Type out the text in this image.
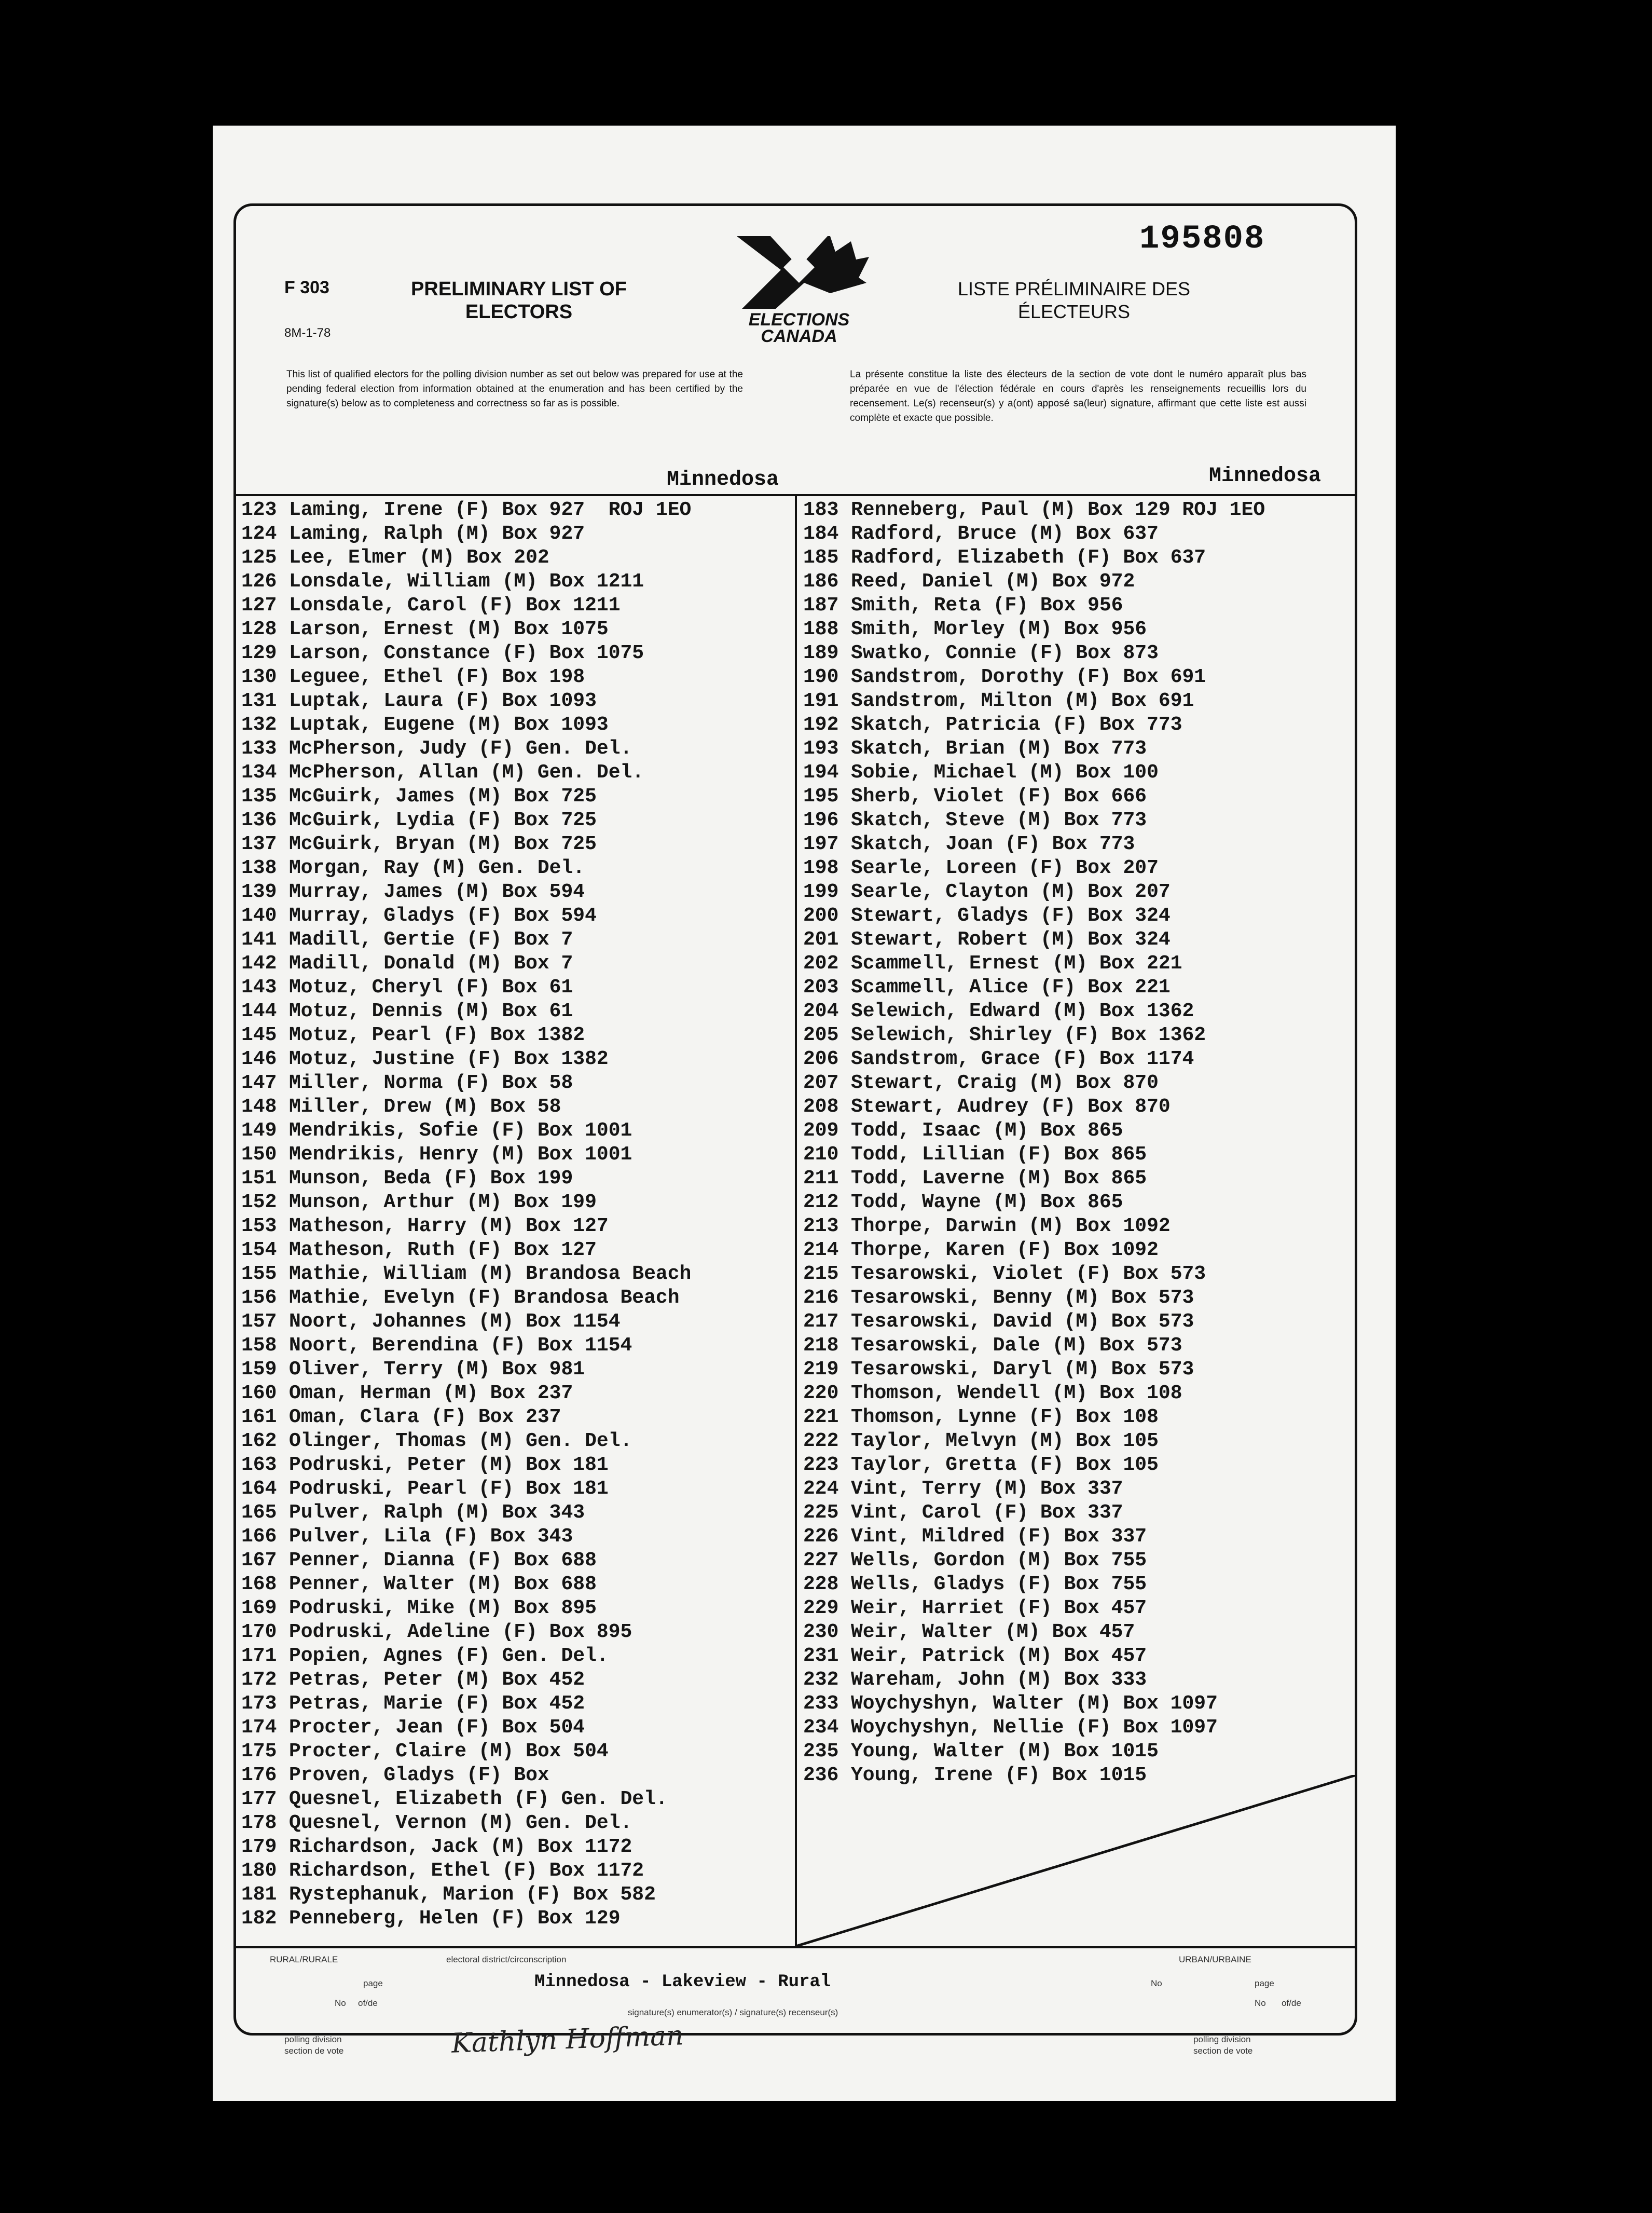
F 303
8M-1-78
PRELIMINARY LIST OF
ELECTORS	ELECTIONS
CANADA
195808
LISTE PRÉLIMINAIRE DES
ÉLECTEURS
This list of qualified electors for the polling division number as set out below was prepared for use at the pending federal election from information obtained at the enumeration and has been certified by the signature(s) below as to completeness and correctness so far as is possible.
La présente constitue la liste des électeurs de la section de vote dont le numéro apparaît plus bas préparée en vue de l'élection fédérale en cours d'après les renseignements recueillis lors du recensement. Le(s) recenseur(s) y a(ont) apposé sa(leur) signature, affirmant que cette liste est aussi complète et exacte que possible.
Minnedosa	Minnedosa
123 Laming, Irene (F) Box 927  ROJ 1EO
124 Laming, Ralph (M) Box 927
125 Lee, Elmer (M) Box 202
126 Lonsdale, William (M) Box 1211
127 Lonsdale, Carol (F) Box 1211
128 Larson, Ernest (M) Box 1075
129 Larson, Constance (F) Box 1075
130 Leguee, Ethel (F) Box 198
131 Luptak, Laura (F) Box 1093
132 Luptak, Eugene (M) Box 1093
133 McPherson, Judy (F) Gen. Del.
134 McPherson, Allan (M) Gen. Del.
135 McGuirk, James (M) Box 725
136 McGuirk, Lydia (F) Box 725
137 McGuirk, Bryan (M) Box 725
138 Morgan, Ray (M) Gen. Del.
139 Murray, James (M) Box 594
140 Murray, Gladys (F) Box 594
141 Madill, Gertie (F) Box 7
142 Madill, Donald (M) Box 7
143 Motuz, Cheryl (F) Box 61
144 Motuz, Dennis (M) Box 61
145 Motuz, Pearl (F) Box 1382
146 Motuz, Justine (F) Box 1382
147 Miller, Norma (F) Box 58
148 Miller, Drew (M) Box 58
149 Mendrikis, Sofie (F) Box 1001
150 Mendrikis, Henry (M) Box 1001
151 Munson, Beda (F) Box 199
152 Munson, Arthur (M) Box 199
153 Matheson, Harry (M) Box 127
154 Matheson, Ruth (F) Box 127
155 Mathie, William (M) Brandosa Beach
156 Mathie, Evelyn (F) Brandosa Beach
157 Noort, Johannes (M) Box 1154
158 Noort, Berendina (F) Box 1154
159 Oliver, Terry (M) Box 981
160 Oman, Herman (M) Box 237
161 Oman, Clara (F) Box 237
162 Olinger, Thomas (M) Gen. Del.
163 Podruski, Peter (M) Box 181
164 Podruski, Pearl (F) Box 181
165 Pulver, Ralph (M) Box 343
166 Pulver, Lila (F) Box 343
167 Penner, Dianna (F) Box 688
168 Penner, Walter (M) Box 688
169 Podruski, Mike (M) Box 895
170 Podruski, Adeline (F) Box 895
171 Popien, Agnes (F) Gen. Del.
172 Petras, Peter (M) Box 452
173 Petras, Marie (F) Box 452
174 Procter, Jean (F) Box 504
175 Procter, Claire (M) Box 504
176 Proven, Gladys (F) Box
177 Quesnel, Elizabeth (F) Gen. Del.
178 Quesnel, Vernon (M) Gen. Del.
179 Richardson, Jack (M) Box 1172
180 Richardson, Ethel (F) Box 1172
181 Rystephanuk, Marion (F) Box 582
182 Penneberg, Helen (F) Box 129
183 Renneberg, Paul (M) Box 129 ROJ 1EO
184 Radford, Bruce (M) Box 637
185 Radford, Elizabeth (F) Box 637
186 Reed, Daniel (M) Box 972
187 Smith, Reta (F) Box 956
188 Smith, Morley (M) Box 956
189 Swatko, Connie (F) Box 873
190 Sandstrom, Dorothy (F) Box 691
191 Sandstrom, Milton (M) Box 691
192 Skatch, Patricia (F) Box 773
193 Skatch, Brian (M) Box 773
194 Sobie, Michael (M) Box 100
195 Sherb, Violet (F) Box 666
196 Skatch, Steve (M) Box 773
197 Skatch, Joan (F) Box 773
198 Searle, Loreen (F) Box 207
199 Searle, Clayton (M) Box 207
200 Stewart, Gladys (F) Box 324
201 Stewart, Robert (M) Box 324
202 Scammell, Ernest (M) Box 221
203 Scammell, Alice (F) Box 221
204 Selewich, Edward (M) Box 1362
205 Selewich, Shirley (F) Box 1362
206 Sandstrom, Grace (F) Box 1174
207 Stewart, Craig (M) Box 870
208 Stewart, Audrey (F) Box 870
209 Todd, Isaac (M) Box 865
210 Todd, Lillian (F) Box 865
211 Todd, Laverne (M) Box 865
212 Todd, Wayne (M) Box 865
213 Thorpe, Darwin (M) Box 1092
214 Thorpe, Karen (F) Box 1092
215 Tesarowski, Violet (F) Box 573
216 Tesarowski, Benny (M) Box 573
217 Tesarowski, David (M) Box 573
218 Tesarowski, Dale (M) Box 573
219 Tesarowski, Daryl (M) Box 573
220 Thomson, Wendell (M) Box 108
221 Thomson, Lynne (F) Box 108
222 Taylor, Melvyn (M) Box 105
223 Taylor, Gretta (F) Box 105
224 Vint, Terry (M) Box 337
225 Vint, Carol (F) Box 337
226 Vint, Mildred (F) Box 337
227 Wells, Gordon (M) Box 755
228 Wells, Gladys (F) Box 755
229 Weir, Harriet (F) Box 457
230 Weir, Walter (M) Box 457
231 Weir, Patrick (M) Box 457
232 Wareham, John (M) Box 333
233 Woychyshyn, Walter (M) Box 1097
234 Woychyshyn, Nellie (F) Box 1097
235 Young, Walter (M) Box 1015
236 Young, Irene (F) Box 1015
RURAL/RURALE	electoral district/circonscription	URBAN/URBAINE
Minnedosa - Lakeview - Rural
page
No of/de
page
No
No of/de
signature(s) enumerator(s) / signature(s) recenseur(s)
polling division
section de vote
polling division
section de vote
Kathlyn Hoffman
